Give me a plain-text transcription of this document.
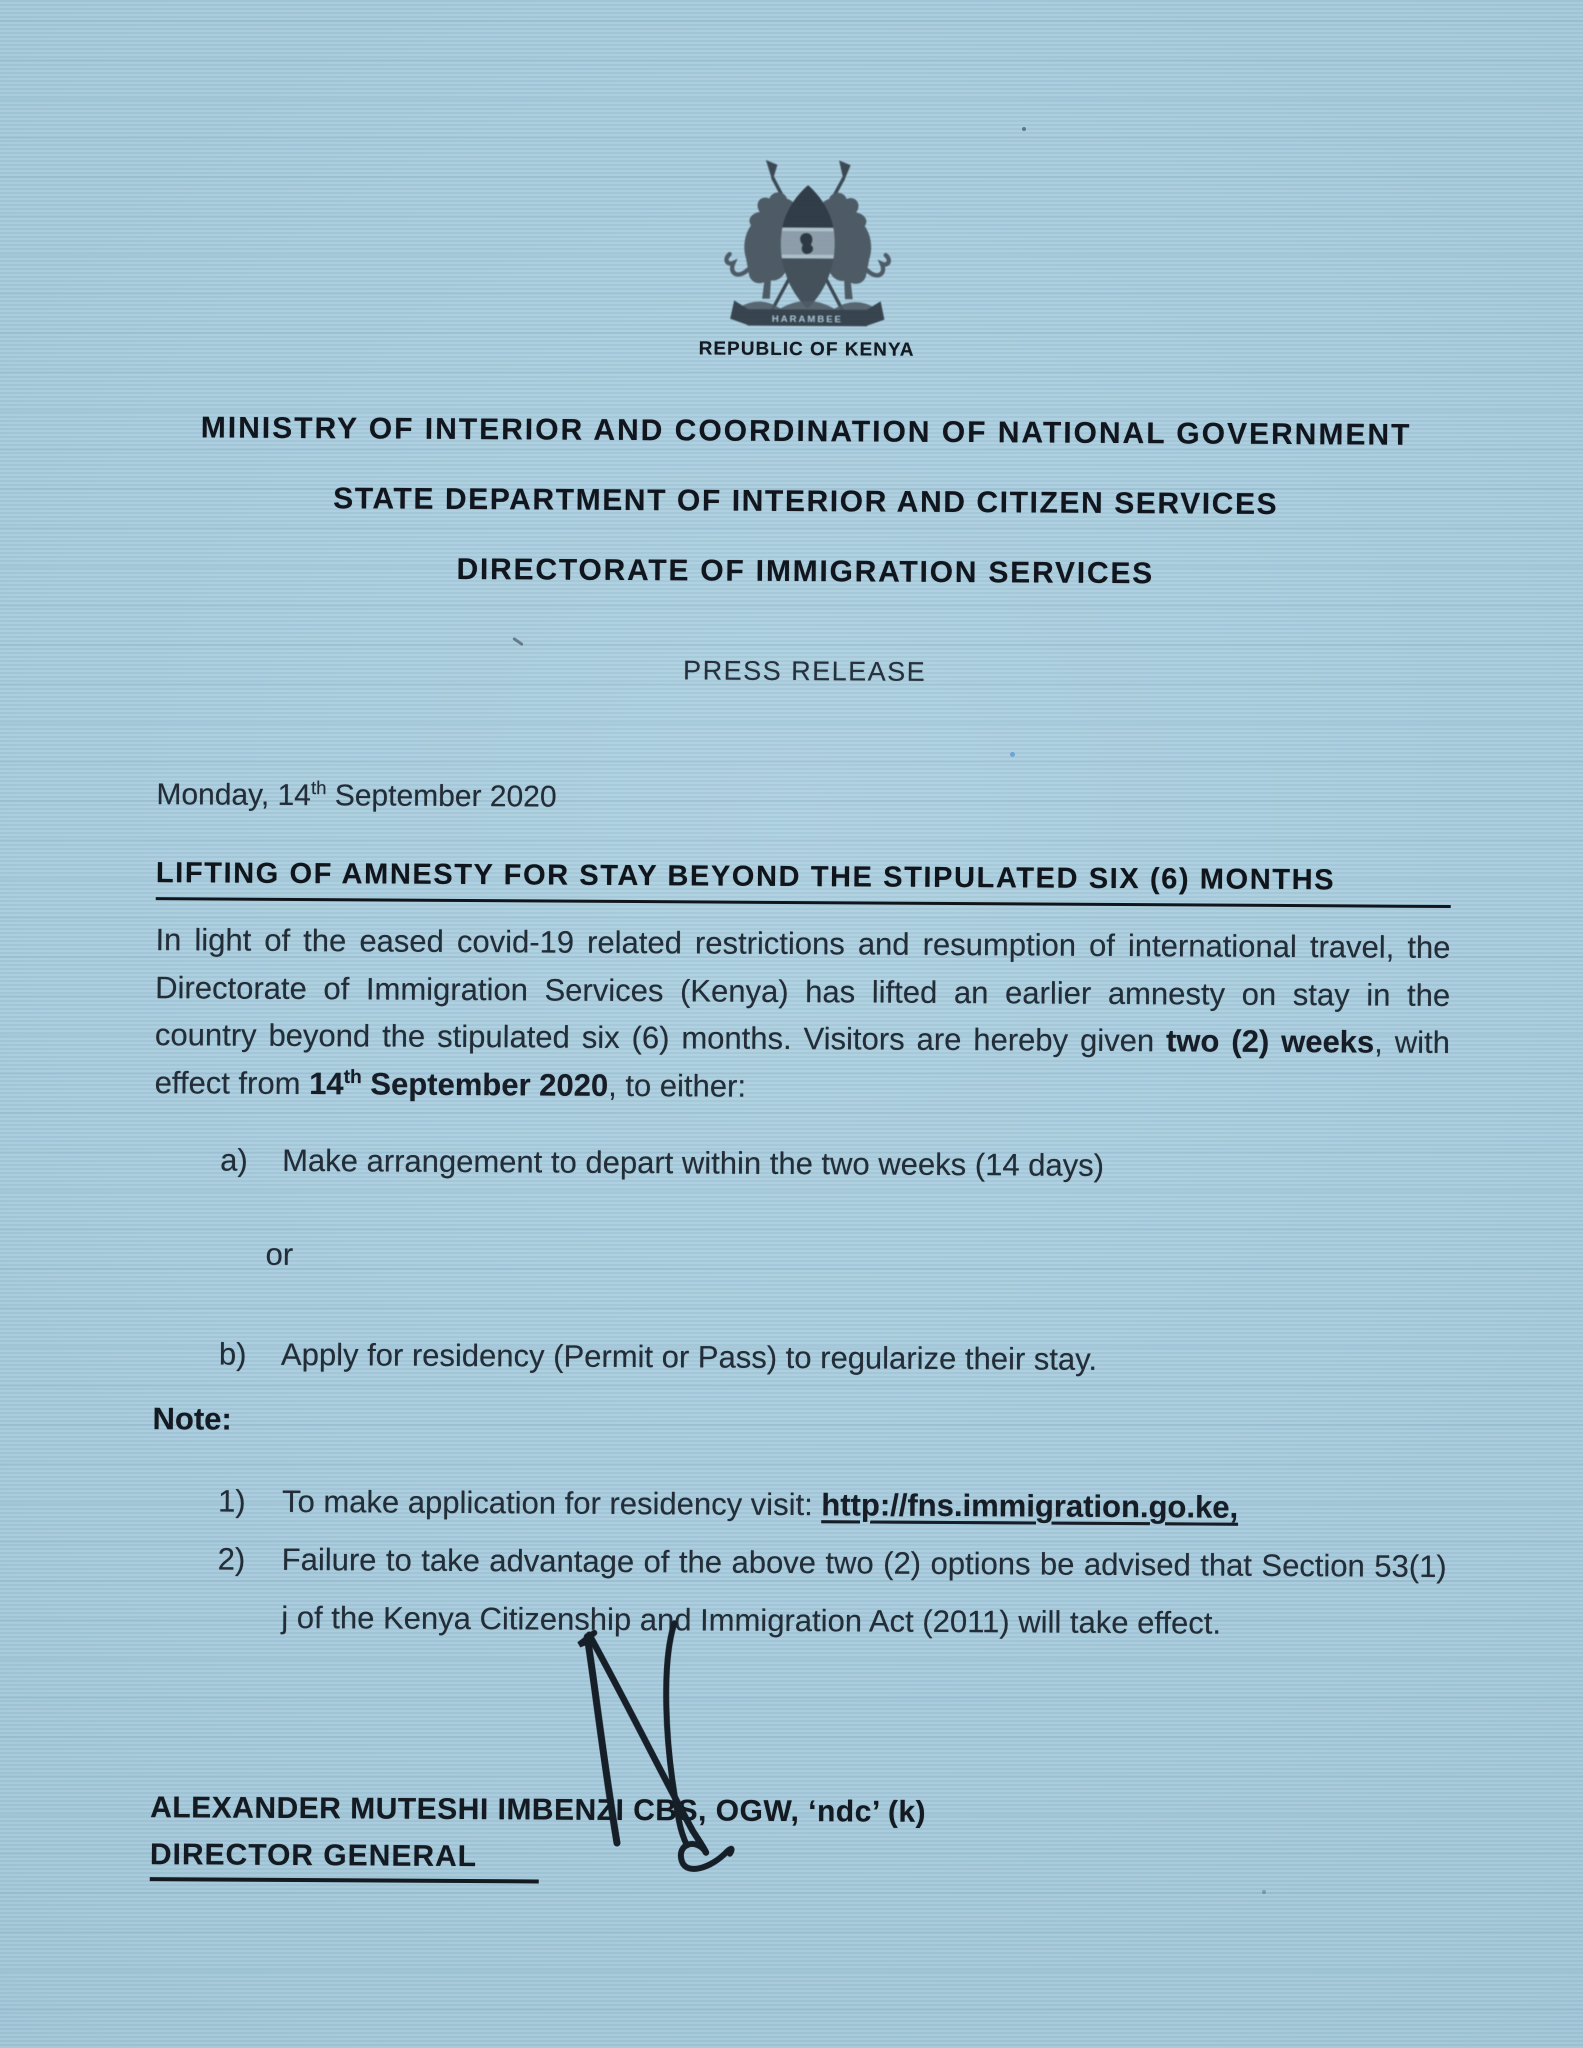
HARAMBEE
REPUBLIC OF KENYA
MINISTRY OF INTERIOR AND COORDINATION OF NATIONAL GOVERNMENT
STATE DEPARTMENT OF INTERIOR AND CITIZEN SERVICES
DIRECTORATE OF IMMIGRATION SERVICES
PRESS RELEASE
Monday, 14th September 2020
LIFTING OF AMNESTY FOR STAY BEYOND THE STIPULATED SIX (6) MONTHS
In light of the eased covid-19 related restrictions and resumption of international travel, the Directorate of Immigration Services (Kenya) has lifted an earlier amnesty on stay in the country beyond the stipulated six (6) months. Visitors are hereby given two (2) weeks, with effect from 14th September 2020, to either:
a)	Make arrangement to depart within the two weeks (14 days)
or
b)	Apply for residency (Permit or Pass) to regularize their stay.
Note:
1)	To make application for residency visit: http://fns.immigration.go.ke,
2)	Failure to take advantage of the above two (2) options be advised that Section 53(1) j of the Kenya Citizenship and Immigration Act (2011) will take effect.
ALEXANDER MUTESHI IMBENZI CBS, OGW, ‘ndc’ (k)
DIRECTOR GENERAL
